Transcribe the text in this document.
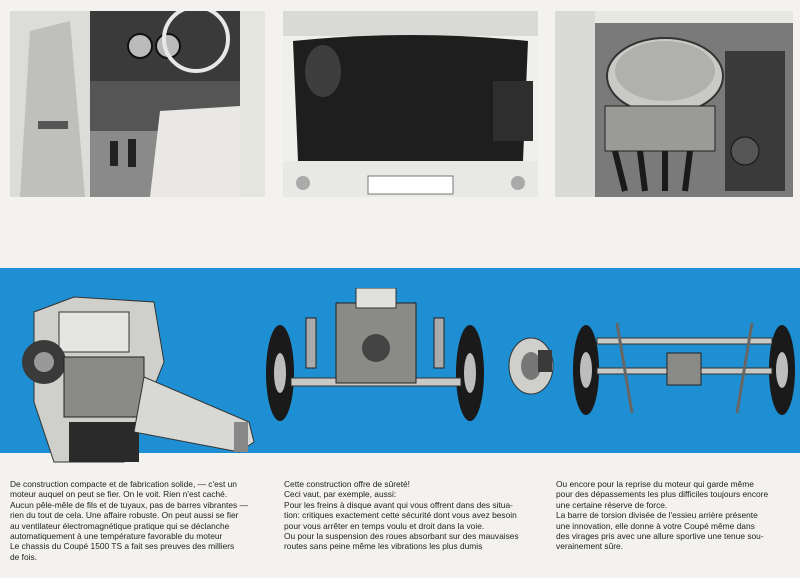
De construction compacte et de fabrication solide, — c'est un

moteur auquel on peut se fier. On le voit. Rien n'est caché.

Aucun pêle-mêle de fils et de tuyaux, pas de barres vibrantes —

rien du tout de cela. Une affaire robuste. On peut aussi se fier

au ventilateur électromagnétique pratique qui se déclanche

automatiquement à une température favorable du moteur

Le chassis du Coupé 1500 TS a fait ses preuves des milliers

de fois.

Cette construction offre de sûreté!

Ceci vaut, par exemple, aussi:

Pour les freins à disque avant qui vous offrent dans des situa-

tion: critiques exactement cette sécurité dont vous avez besoin

pour vous arrêter en temps voulu et droit dans la voie.

Ou pour la suspension des roues absorbant sur des mauvaises

routes sans peine même les vibrations les plus dumis

Ou encore pour la reprise du moteur qui garde même

pour des dépassements les plus difficiles toujours encore

une certaine réserve de force.

La barre de torsion divisée de l'essieu arrière présente

une innovation, elle donne à votre Coupé même dans

des virages pris avec une allure sportive une tenue sou-

verainement sûre.
